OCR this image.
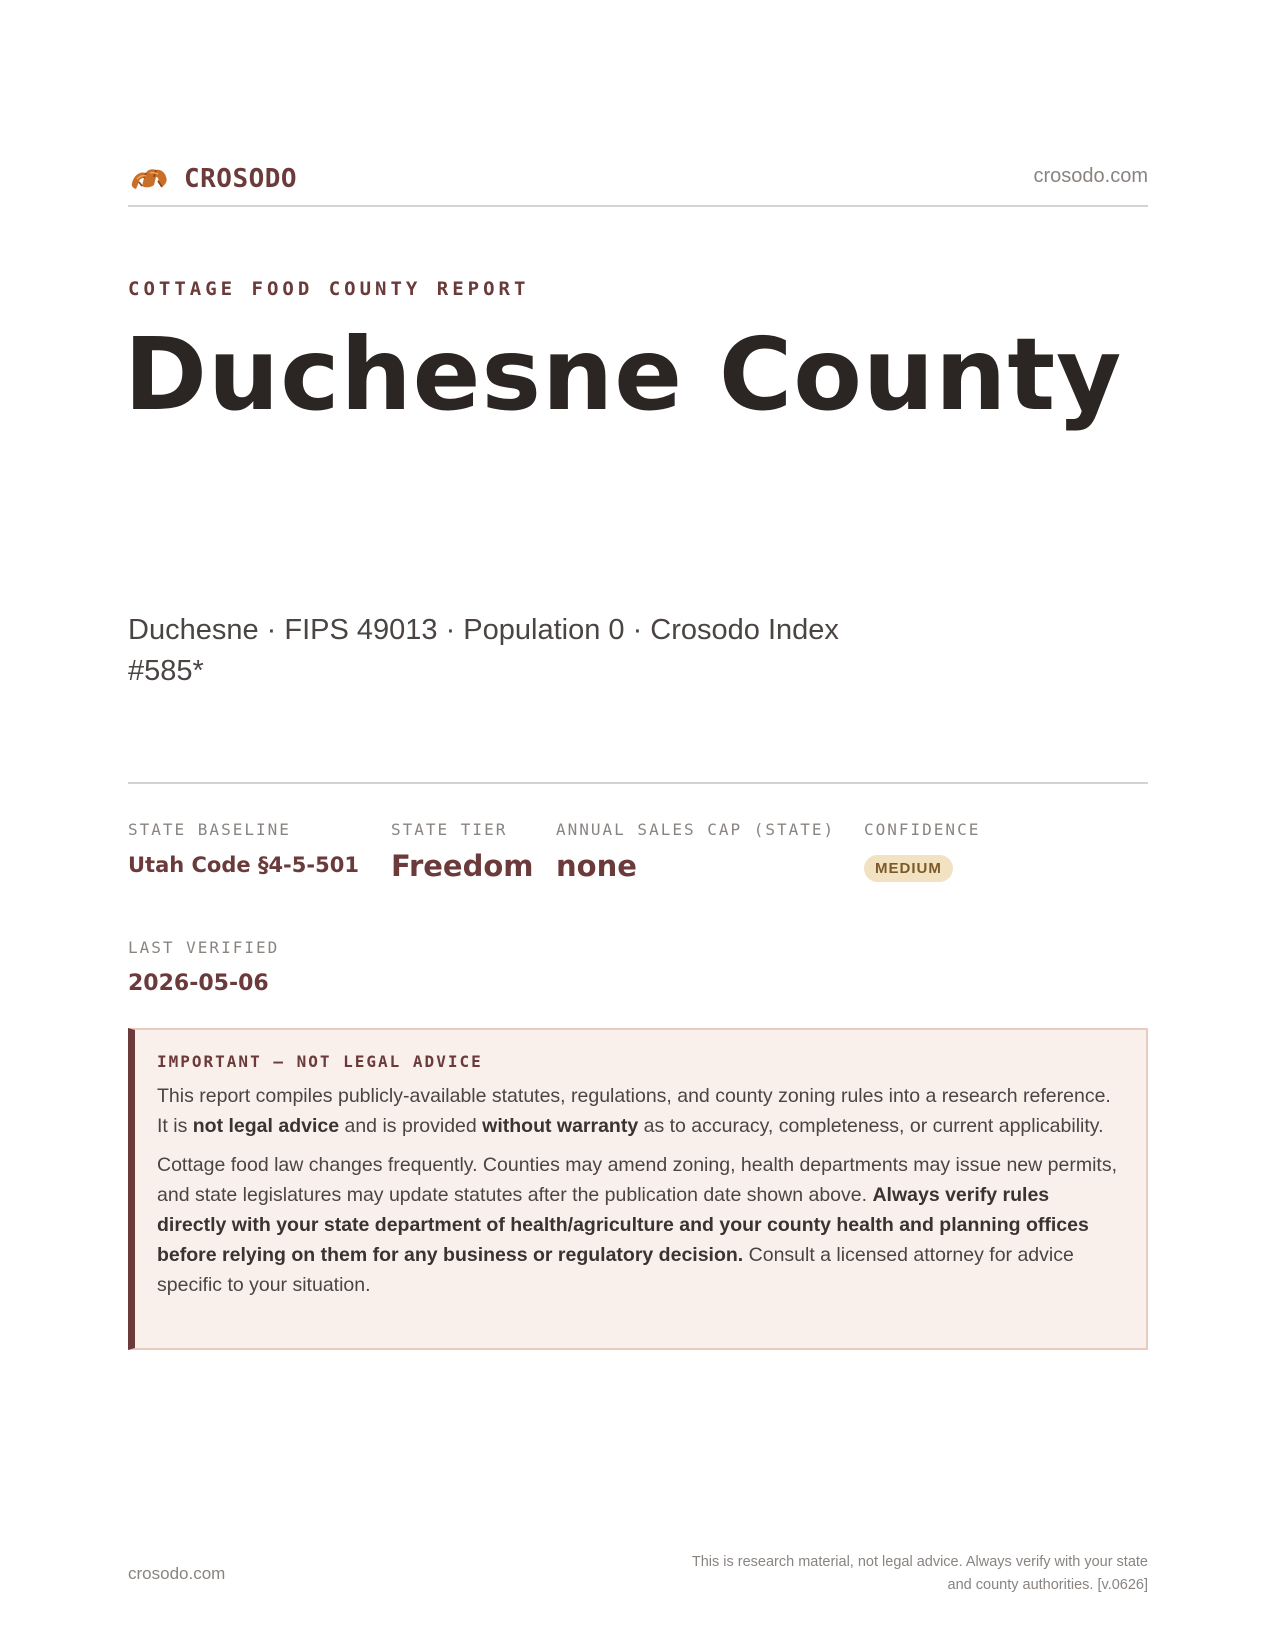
CROSODO	crosodo.com
COTTAGE FOOD COUNTY REPORT
Duchesne County
Duchesne · FIPS 49013 · Population 0 · Crosodo Index #585*
STATE BASELINE
Utah Code §4-5-501
STATE TIER
Freedom
ANNUAL SALES CAP (STATE)
none
CONFIDENCE
MEDIUM
LAST VERIFIED
2026-05-06
IMPORTANT — NOT LEGAL ADVICE

This report compiles publicly-available statutes, regulations, and county zoning rules into a research reference. It is not legal advice and is provided without warranty as to accuracy, completeness, or current applicability.

Cottage food law changes frequently. Counties may amend zoning, health departments may issue new permits, and state legislatures may update statutes after the publication date shown above. Always verify rules directly with your state department of health/agriculture and your county health and planning offices before relying on them for any business or regulatory decision. Consult a licensed attorney for advice specific to your situation.

crosodo.com
This is research material, not legal advice. Always verify with your state
and county authorities. [v.0626]
